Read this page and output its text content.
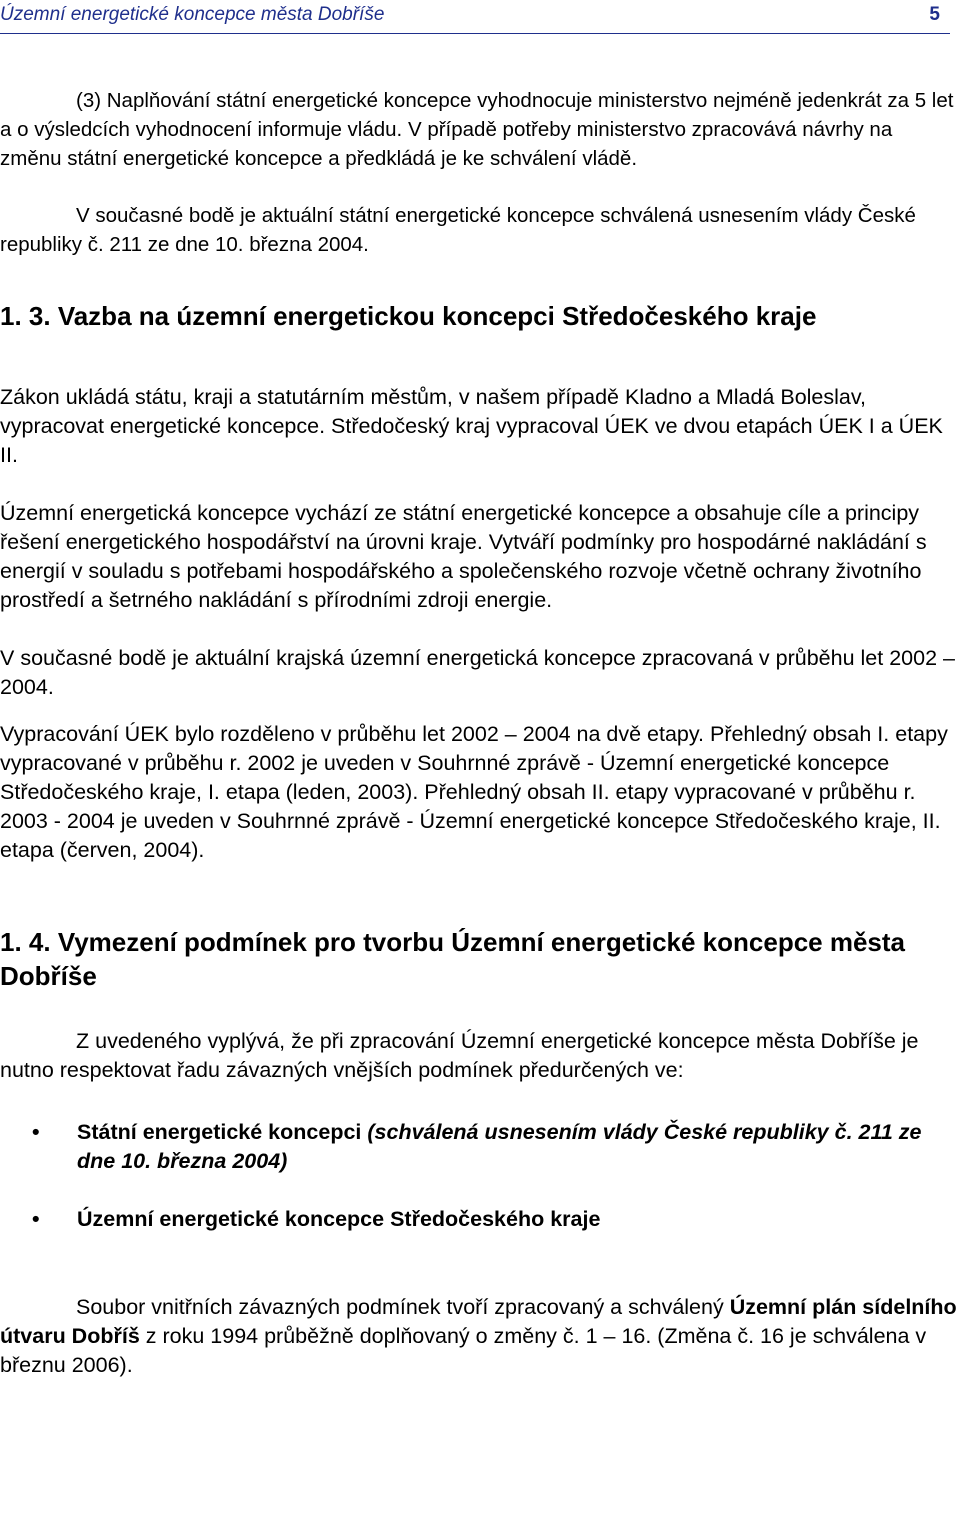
Územní energetické koncepce města Dobříše	5

(3) Naplňování státní energetické koncepce vyhodnocuje ministerstvo nejméně jedenkrát za 5 let a o výsledcích vyhodnocení informuje vládu. V případě potřeby ministerstvo zpracovává návrhy na změnu státní energetické koncepce a předkládá je ke schválení vládě.

V současné bodě je aktuální státní energetické koncepce schválená usnesením vlády České republiky č. 211 ze dne 10. března 2004.

1. 3. Vazba na územní energetickou koncepci Středočeského kraje

Zákon ukládá státu, kraji a statutárním městům, v našem případě Kladno a Mladá Boleslav, vypracovat energetické koncepce. Středočeský kraj vypracoval ÚEK ve dvou etapách ÚEK I a ÚEK II.

Územní energetická koncepce vychází ze státní energetické koncepce a obsahuje cíle a principy řešení energetického hospodářství na úrovni kraje. Vytváří podmínky pro hospodárné nakládání s energií v souladu s potřebami hospodářského a společenského rozvoje včetně ochrany životního prostředí a šetrného nakládání s přírodními zdroji energie.

V současné bodě je aktuální krajská územní energetická koncepce zpracovaná v průběhu let 2002 – 2004.

Vypracování ÚEK bylo rozděleno v průběhu let 2002 – 2004 na dvě etapy. Přehledný obsah I. etapy vypracované v průběhu r. 2002 je uveden v Souhrnné zprávě - Územní energetické koncepce Středočeského kraje, I. etapa (leden, 2003). Přehledný obsah II. etapy vypracované v průběhu r. 2003 - 2004 je uveden v Souhrnné zprávě - Územní energetické koncepce Středočeského kraje, II. etapa (červen, 2004).

1. 4. Vymezení podmínek pro tvorbu Územní energetické koncepce města Dobříše

Z uvedeného vyplývá, že při zpracování Územní energetické koncepce města Dobříše je nutno respektovat řadu závazných vnějších podmínek předurčených ve:

• Státní energetické koncepci (schválená usnesením vlády České republiky č. 211 ze dne 10. března 2004)
• Územní energetické koncepce Středočeského kraje

Soubor vnitřních závazných podmínek tvoří zpracovaný a schválený Územní plán sídelního útvaru Dobříš z roku 1994 průběžně doplňovaný o změny č. 1 – 16. (Změna č. 16 je schválena v březnu 2006).
